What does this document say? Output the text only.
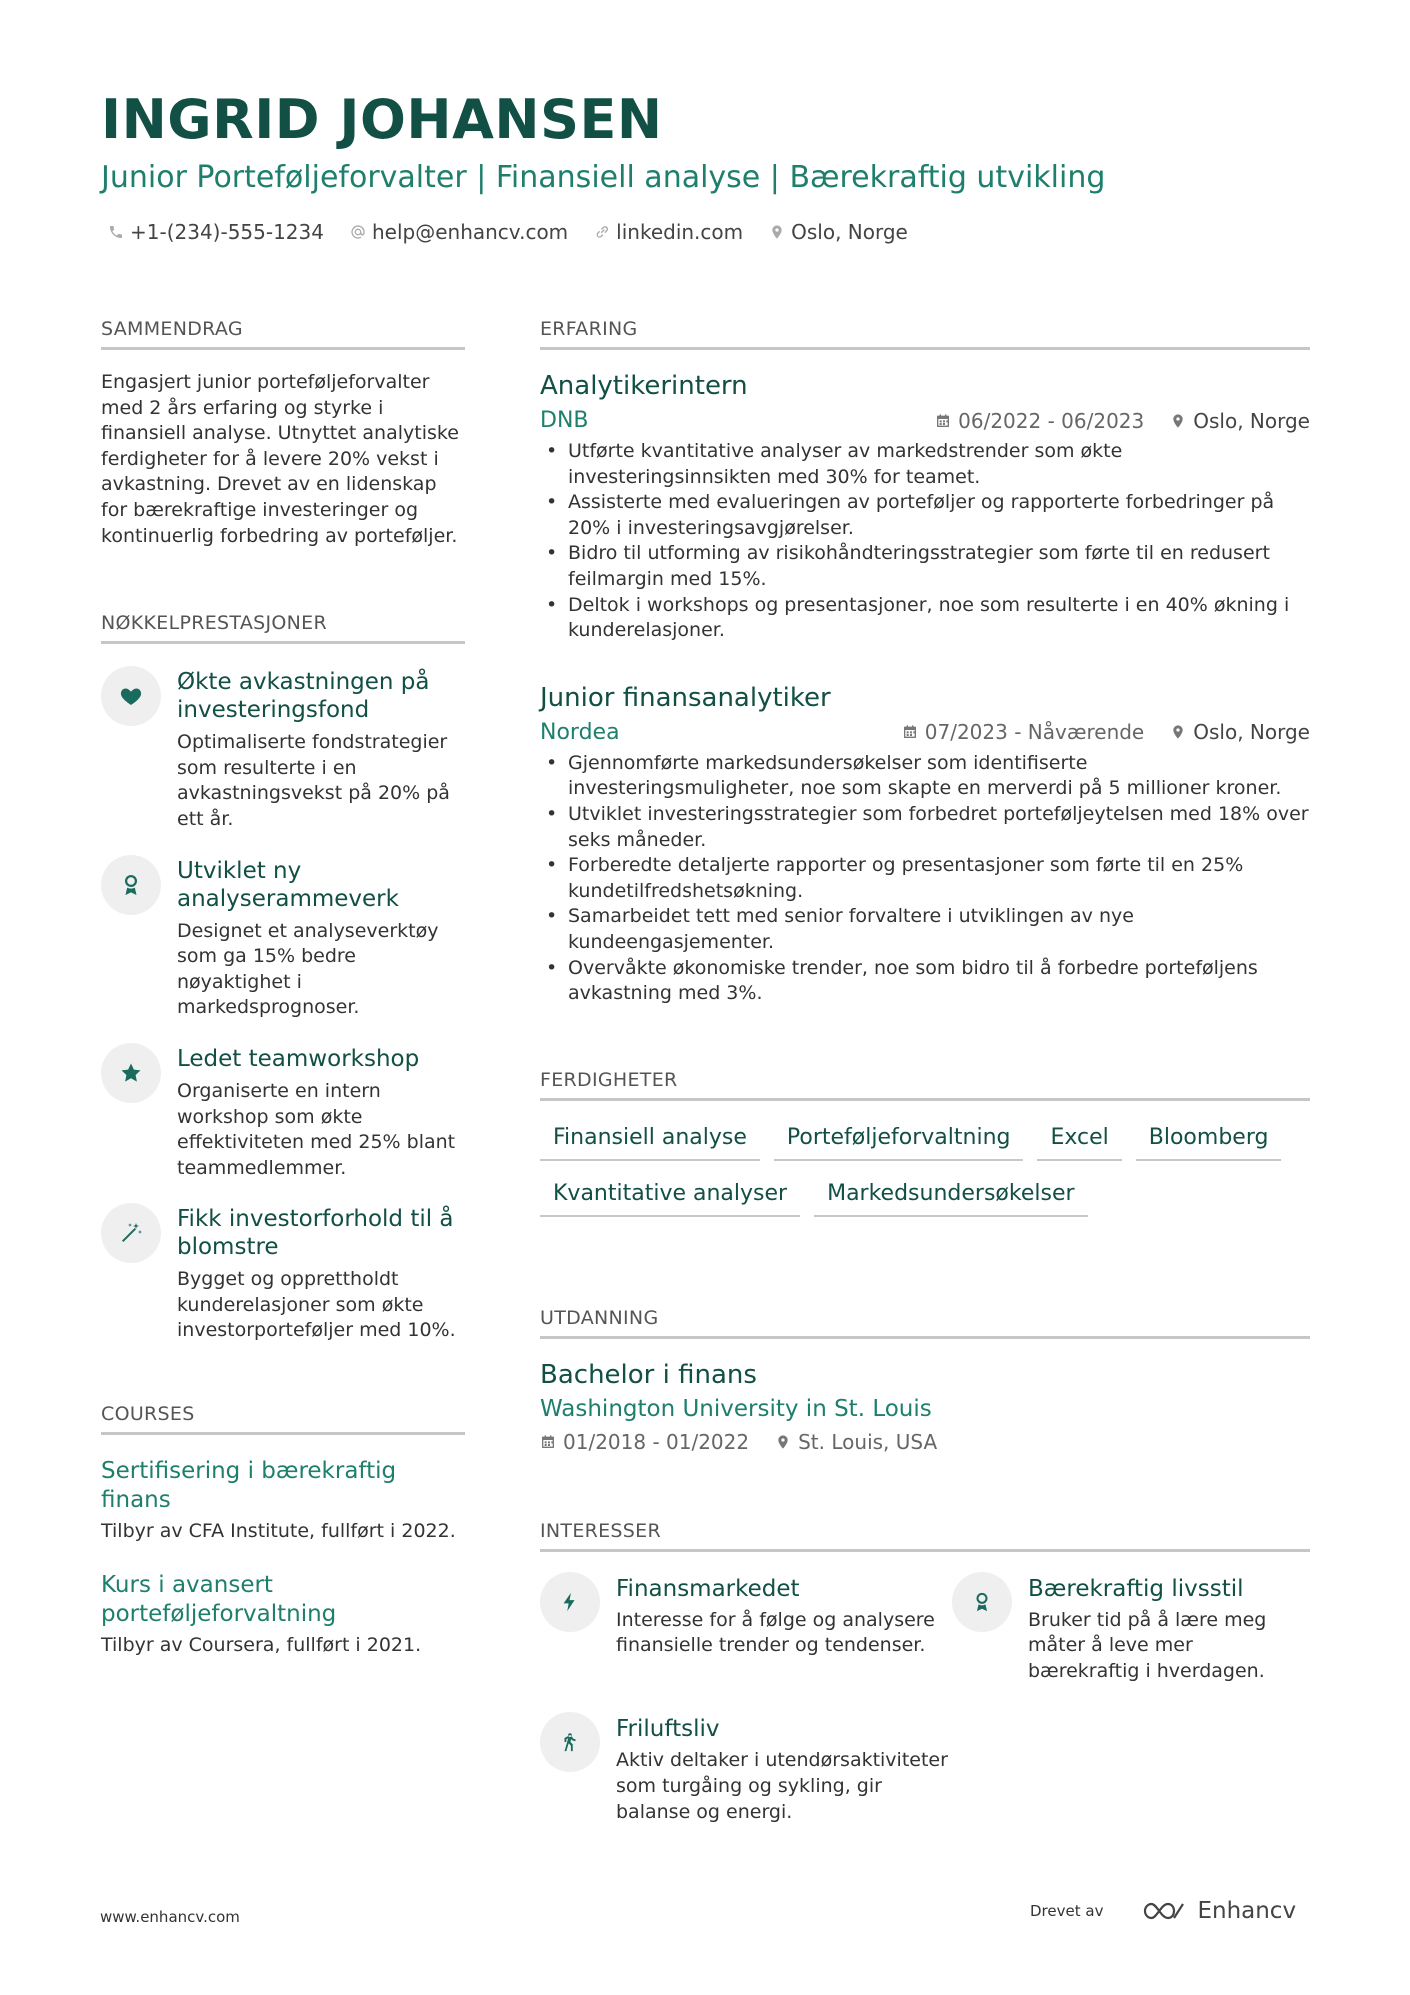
INGRID JOHANSEN
Junior Porteføljeforvalter | Finansiell analyse | Bærekraftig utvikling
+1-(234)-555-1234 help@enhancv.com linkedin.com Oslo, Norge
SAMMENDRAG
Engasjert junior porteføljeforvalter med 2 års erfaring og styrke i finansiell analyse. Utnyttet analytiske ferdigheter for å levere 20% vekst i avkastning. Drevet av en lidenskap for bærekraftige investeringer og kontinuerlig forbedring av porteføljer.
NØKKELPRESTASJONER
Økte avkastningen på investeringsfond
Optimaliserte fondstrategier som resulterte i en avkastningsvekst på 20% på ett år.
Utviklet ny analyserammeverk
Designet et analyseverktøy som ga 15% bedre nøyaktighet i markedsprognoser.
Ledet teamworkshop
Organiserte en intern workshop som økte effektiviteten med 25% blant teammedlemmer.
Fikk investorforhold til å blomstre
Bygget og opprettholdt kunderelasjoner som økte investorporteføljer med 10%.
COURSES
Sertifisering i bærekraftig finans
Tilbyr av CFA Institute, fullført i 2022.
Kurs i avansert porteføljeforvaltning
Tilbyr av Coursera, fullført i 2021.
ERFARING
Analytikerintern
DNB	06/2022 - 06/2023 Oslo, Norge
• Utførte kvantitative analyser av markedstrender som økte investeringsinnsikten med 30% for teamet.
• Assisterte med evalueringen av porteføljer og rapporterte forbedringer på 20% i investeringsavgjørelser.
• Bidro til utforming av risikohåndteringsstrategier som førte til en redusert feilmargin med 15%.
• Deltok i workshops og presentasjoner, noe som resulterte i en 40% økning i kunderelasjoner.
Junior finansanalytiker
Nordea	07/2023 - Nåværende Oslo, Norge
• Gjennomførte markedsundersøkelser som identifiserte investeringsmuligheter, noe som skapte en merverdi på 5 millioner kroner.
• Utviklet investeringsstrategier som forbedret porteføljeytelsen med 18% over seks måneder.
• Forberedte detaljerte rapporter og presentasjoner som førte til en 25% kundetilfredshetsøkning.
• Samarbeidet tett med senior forvaltere i utviklingen av nye kundeengasjementer.
• Overvåkte økonomiske trender, noe som bidro til å forbedre porteføljens avkastning med 3%.
FERDIGHETER
Finansiell analyse	Porteføljeforvaltning	Excel	Bloomberg
Kvantitative analyser	Markedsundersøkelser
UTDANNING
Bachelor i finans
Washington University in St. Louis
01/2018 - 01/2022 St. Louis, USA
INTERESSER
Finansmarkedet
Interesse for å følge og analysere finansielle trender og tendenser.
Bærekraftig livsstil
Bruker tid på å lære meg måter å leve mer bærekraftig i hverdagen.
Friluftsliv
Aktiv deltaker i utendørsaktiviteter som turgåing og sykling, gir balanse og energi.
www.enhancv.com	Drevet av	Enhancv
